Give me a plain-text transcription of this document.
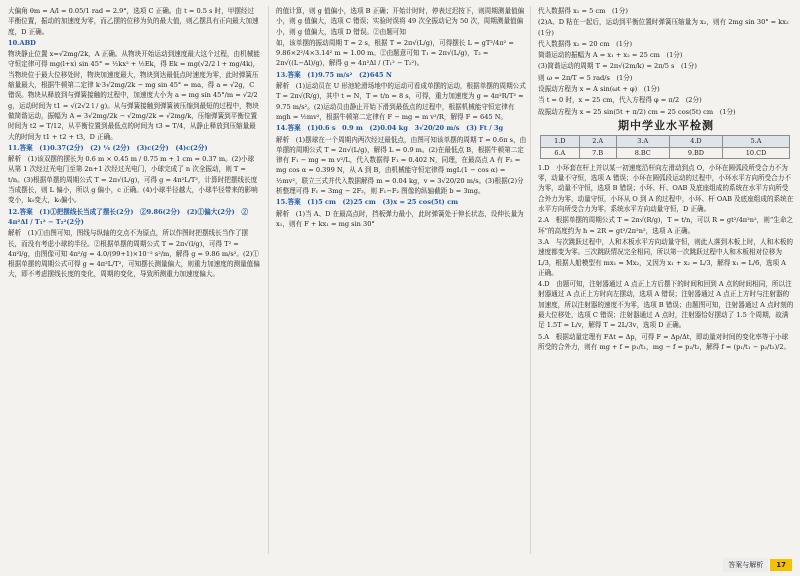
大偏角 θm = A/l = 0.05/1 rad = 2.9°，选项 C 正确。由 t = 0.5 s 时，甲摆经过平衡位置，振动的加速度为零，而乙摆的位移为负的最大值，则乙摆具有正向最大加速度，D 正确。

10.ABD

物块静止位置 x=√2mg/2k，A 正确。从物块开始运动到速度最大这个过程，由机械能守恒定律可得 mg(l+x) sin 45° = ½kx² + ½Ek，得 Ek = mg(√2/2 l + mg/4k)，当物块位于最大位移处时，物块加速度最大，物块到达最低点时速度为零，此时弹簧压缩量最大，根据牛顿第二定律 k·3√2mg/2k − mg sin 45° = ma，得 a = √2g，C 错误。物块从释放到与弹簧接触的过程中，加速度大小为 a = mg sin 45°/m = √2/2 g，运动时间为 t1 = √(2√2 l / g)。从与弹簧接触到弹簧被压缩到最短的过程中，物块做简谐运动，振幅为 A = 3√2mg/2k − √2mg/2k = √2mg/k，压缩弹簧到平衡位置时间为 t2 = T/12，从平衡位置到最低点的时间为 t3 = T/4，从静止释放到压缩量最大的时间为 t1 + t2 + t3，D 正确。

11.答案　(1)0.37(2分)　(2) ¼ (2分)　(3)c(2分)　(4)c(2分)

解析　(1)该双摆的摆长为 0.6 m × 0.45 m / 0.75 m + 1 cm = 0.37 m。(2)小球从第 1 次经过光电门至第 2n+1 次经过光电门，小球完成了 n 次全振动，则 T = t/n。(3)根据单摆的周期公式 T = 2π√(L/g)，可得 g = 4π²L/T²，计算时把摆线长度当成摆长，则 L 偏小，所以 g 偏小，c 正确。(4)小球半径越大，小球半径带来的影响变小，k₀变大，k₀偏小。

12.答案　(1)①把摆线长当成了摆长(2分)　②9.86(2分)　(2)①偏大(2分)　② 4π²Δl / T₁² − T₂²(2分)

解析　(1)①由图可知，图线与纵轴的交点不为原点，所以作图时把摆线长当作了摆长，而没有考虑小球的半径。②根据单摆的周期公式 T = 2π√(l/g)，可得 T² = 4π²l/g，由图像可知 4π²/g = 4.0/(99+1)×10⁻² s²/m，解得 g = 9.86 m/s²。(2)①根据单摆的周期公式可得 g = 4π²L/T²，可知摆长测量偏大，则重力加速度的测量值偏大，即不考虑摆线长度的变化，周期的变化，导致所测重力加速度偏大。

的值计算，则 g 值偏小，选项 B 正确；开始计时时，停表过迟按下，则周期测量值偏小，则 g 值偏大，选项 C 错误；实验时误将 49 次全振动记为 50 次，周期测量值偏小，则 g 值偏大，选项 D 错误。②由题可知

如，该单摆的振动周期 T = 2 s，根据 T = 2π√(L/g)，可得摆长 L = gT²/4π² = 9.86×2²/4×3.14² m ≈ 1.00 m。②由题意可知 T₁ = 2π√(L/g)，T₂ = 2π√((L−Δl)/g)，解得 g = 4π²Δl / (T₁² − T₂²)。

13.答案　(1)9.75 m/s²　(2)645 N

解析　(1)运动员在 U 形池轮滑场地中的运动可看成单摆的运动，根据单摆的周期公式 T = 2π√(R/g)，其中 t = N，T = t/n = 8 s，可得，重力加速度为 g = 4π²R/T² ≈ 9.75 m/s²。(2)运动员由静止开始下滑到最低点的过程中，根据机械能守恒定律有 mgh = ½mv²，根据牛顿第二定律有 F − mg = m v²/R，解得 F = 645 N。

14.答案　(1)0.6 s　0.9 m　(2)0.04 kg　3√20/20 m/s　(3) Ft / 3g

解析　(1)摆球在一个周期内两次经过最低点，由图可知该单摆的周期 T = 0.6π s，由单摆的周期公式 T = 2π√(L/g)，解得 L = 0.9 m。(2)在最低点 B，根据牛顿第二定律有 F₁ − mg = m v²/L，代入数据得 F₁ = 0.402 N，同理，在最高点 A 有 F₂ = mg cos α = 0.399 N，从 A 到 B，由机械能守恒定律得 mgL(1 − cos α) = ½mv²，联立三式并代入数据解得 m = 0.04 kg，v = 3√20/20 m/s。(3)根据(2)分析整理可得 F₁ = 3mg − 2F₂，则 F₁−F₂ 图像的纵轴截距 b = 3mg。

15.答案　(1)5 cm　(2)25 cm　(3)x = 25 cos(5t) cm

解析　(1)当 A、D 在最高点时，挡板弹力最小，此时弹簧处于伸长状态，设伸长量为 x₁，则有 F + kx₁ = mg sin 30°

代入数据得 x₁ = 5 cm　(1分)

(2)A、D 粘在一起后，运动到平衡位置时弹簧压缩量为 x₂，则有 2mg sin 30° = kx₂　(1分)

代入数据得 x₂ = 20 cm　(1分)

简谐运动的振幅为 A = x₁ + x₂ = 25 cm　(1分)

(3)简谐运动的周期 T = 2π√(2m/k) = 2π/5 s　(1分)

则 ω = 2π/T = 5 rad/s　(1分)

设振动方程为 x = A sin(ωt + φ)　(1分)

当 t = 0 时，x = 25 cm，代入方程得 φ = π/2　(2分)

故振动方程为 x = 25 sin(5t + π/2) cm = 25 cos(5t) cm　(1分)

期中学业水平检测
1.D	2.A	3.A	4.D	5.A
6.A	7.B	8.BC	9.BD	10.CD

1.D　小环套在杆上并以某一初速度沿杆向左滑动到点 O，小环在圆弧段所受合力不为零，动量不守恒，选项 A 错误；小环在圆弧段运动的过程中，小环水平方向所受合力不为零，动量不守恒，选项 B 错误；小环、杆、OAB 及底座组成的系统在水平方向所受合外力为零，动量守恒，小环从 O 到 A 的过程中，小环、杆 OAB 及底座组成的系统在水平方向所受合力为零，系统水平方向动量守恒，D 正确。

2.A　根据单摆的周期公式 T = 2π√(R/g)，T = t/n，可以 R = gt²/4π²n²，则“生命之环”的高度约为 h = 2R = gt²/2π²n²，选项 A 正确。

3.A　与次跳跃过程中，人和木板水平方向动量守恒，则此人落到木板上时，人和木板的速度都变为零。三次跳跃情况完全相同，所以第一次跳跃过程中人和木板相对位移为 L/3，根据人船模型有 mx₁ = Mx₂，又因为 x₁ + x₂ = L/3，解得 x₁ = L/6，选项 A 正确。

4.D　由题可知，注射器通过 A 点正上方后摆下的时间和回到 A 点的时间相同，所以注射器通过 A 点正上方时向左摆动，选项 A 错误；注射器通过 A 点正上方时与注射器的加速度，所以注射器的速度不为零，选项 B 错误；由题图可知，注射器通过 A 点时刻的最大位移处，选项 C 错误；注射器通过 A 点时，注射器恰好摆动了 1.5 个周期，故满足 1.5T = L/v，解得 T = 2L/3v，选项 D 正确。

5.A　根据动量定理有 FΔt = Δp，可得 F = Δp/Δt，即动量对时间的变化率等于小球所受的合外力，则有 mg + f = p₁/t₁，mg − f = p₂/t₂，解得 f = (p₁/t₁ − p₂/t₂)/2。

答案与解析	17
